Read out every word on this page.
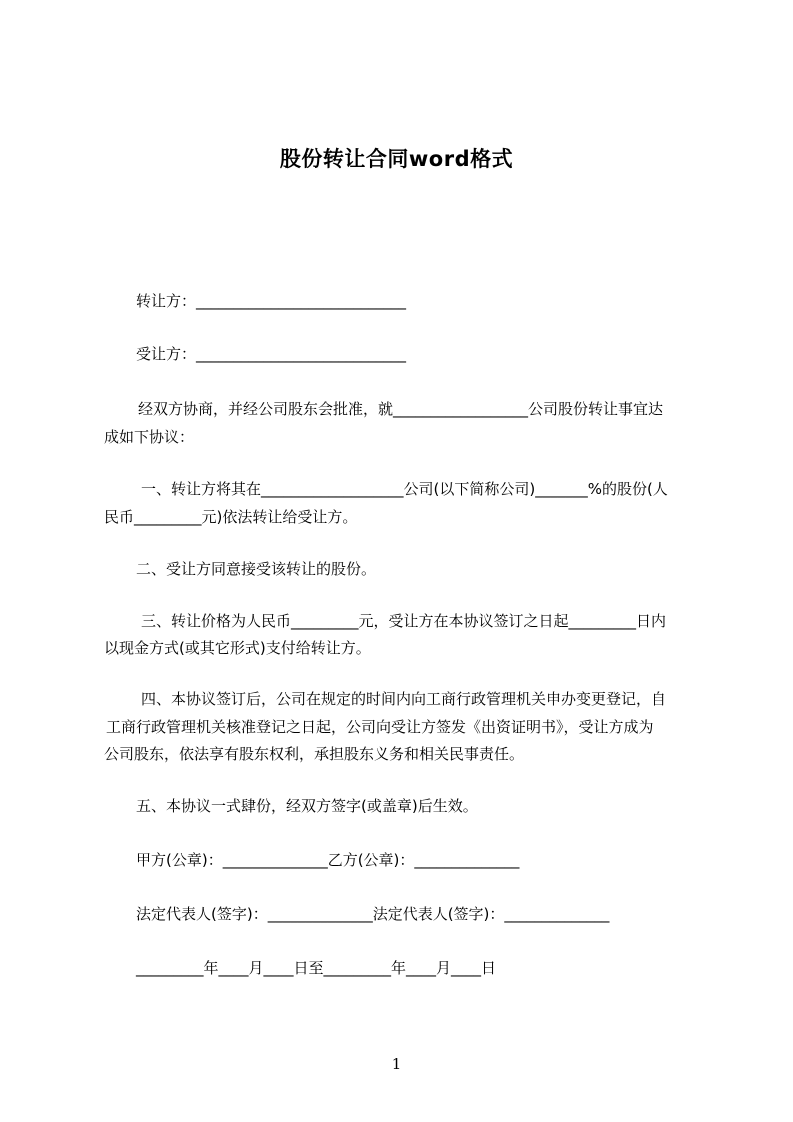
股份转让合同word格式
转让方：____________________________
受让方：____________________________
经双方协商，并经公司股东会批准，就__________________公司股份转让事宜达
成如下协议：
一、转让方将其在___________________公司(以下简称公司)_______%的股份(人
民币_________元)依法转让给受让方。
二、受让方同意接受该转让的股份。
三、转让价格为人民币_________元，受让方在本协议签订之日起_________日内
以现金方式(或其它形式)支付给转让方。
四、本协议签订后，公司在规定的时间内向工商行政管理机关申办变更登记，自
工商行政管理机关核准登记之日起，公司向受让方签发《出资证明书》，受让方成为
公司股东，依法享有股东权利，承担股东义务和相关民事责任。
五、本协议一式肆份，经双方签字(或盖章)后生效。
甲方(公章)：______________乙方(公章)：______________
法定代表人(签字)：______________法定代表人(签字)：______________
_________年____月____日至_________年____月____日
1
